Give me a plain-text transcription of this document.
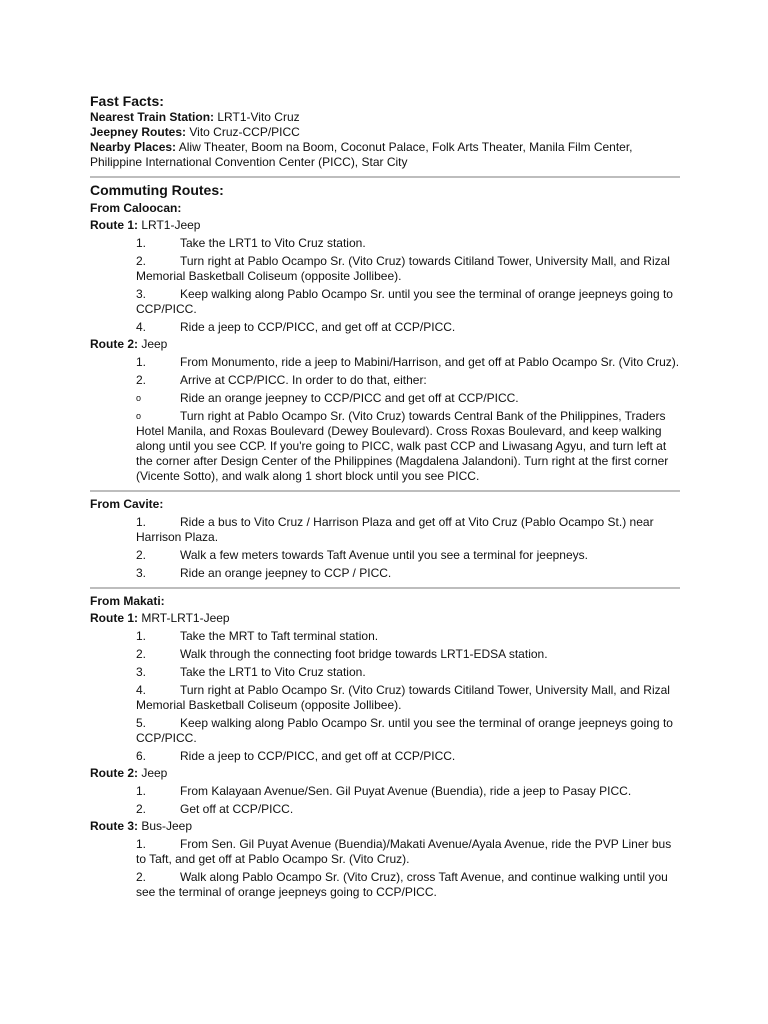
Fast Facts:
Nearest Train Station: LRT1-Vito Cruz
Jeepney Routes: Vito Cruz-CCP/PICC
Nearby Places: Aliw Theater, Boom na Boom, Coconut Palace, Folk Arts Theater, Manila Film Center, Philippine International Convention Center (PICC), Star City
Commuting Routes:
From Caloocan:
Route 1: LRT1-Jeep
1.	Take the LRT1 to Vito Cruz station.
2.	Turn right at Pablo Ocampo Sr. (Vito Cruz) towards Citiland Tower, University Mall, and Rizal Memorial Basketball Coliseum (opposite Jollibee).
3.	Keep walking along Pablo Ocampo Sr. until you see the terminal of orange jeepneys going to CCP/PICC.
4.	Ride a jeep to CCP/PICC, and get off at CCP/PICC.
Route 2: Jeep
1.	From Monumento, ride a jeep to Mabini/Harrison, and get off at Pablo Ocampo Sr. (Vito Cruz).
2.	Arrive at CCP/PICC. In order to do that, either:
o	Ride an orange jeepney to CCP/PICC and get off at CCP/PICC.
o	Turn right at Pablo Ocampo Sr. (Vito Cruz) towards Central Bank of the Philippines, Traders Hotel Manila, and Roxas Boulevard (Dewey Boulevard). Cross Roxas Boulevard, and keep walking along until you see CCP. If you're going to PICC, walk past CCP and Liwasang Agyu, and turn left at the corner after Design Center of the Philippines (Magdalena Jalandoni). Turn right at the first corner (Vicente Sotto), and walk along 1 short block until you see PICC.
From Cavite:
1.	Ride a bus to Vito Cruz / Harrison Plaza and get off at Vito Cruz (Pablo Ocampo St.) near Harrison Plaza.
2.	Walk a few meters towards Taft Avenue until you see a terminal for jeepneys.
3.	Ride an orange jeepney to CCP / PICC.
From Makati:
Route 1: MRT-LRT1-Jeep
1.	Take the MRT to Taft terminal station.
2.	Walk through the connecting foot bridge towards LRT1-EDSA station.
3.	Take the LRT1 to Vito Cruz station.
4.	Turn right at Pablo Ocampo Sr. (Vito Cruz) towards Citiland Tower, University Mall, and Rizal Memorial Basketball Coliseum (opposite Jollibee).
5.	Keep walking along Pablo Ocampo Sr. until you see the terminal of orange jeepneys going to CCP/PICC.
6.	Ride a jeep to CCP/PICC, and get off at CCP/PICC.
Route 2: Jeep
1.	From Kalayaan Avenue/Sen. Gil Puyat Avenue (Buendia), ride a jeep to Pasay PICC.
2.	Get off at CCP/PICC.
Route 3: Bus-Jeep
1.	From Sen. Gil Puyat Avenue (Buendia)/Makati Avenue/Ayala Avenue, ride the PVP Liner bus to Taft, and get off at Pablo Ocampo Sr. (Vito Cruz).
2.	Walk along Pablo Ocampo Sr. (Vito Cruz), cross Taft Avenue, and continue walking until you see the terminal of orange jeepneys going to CCP/PICC.
